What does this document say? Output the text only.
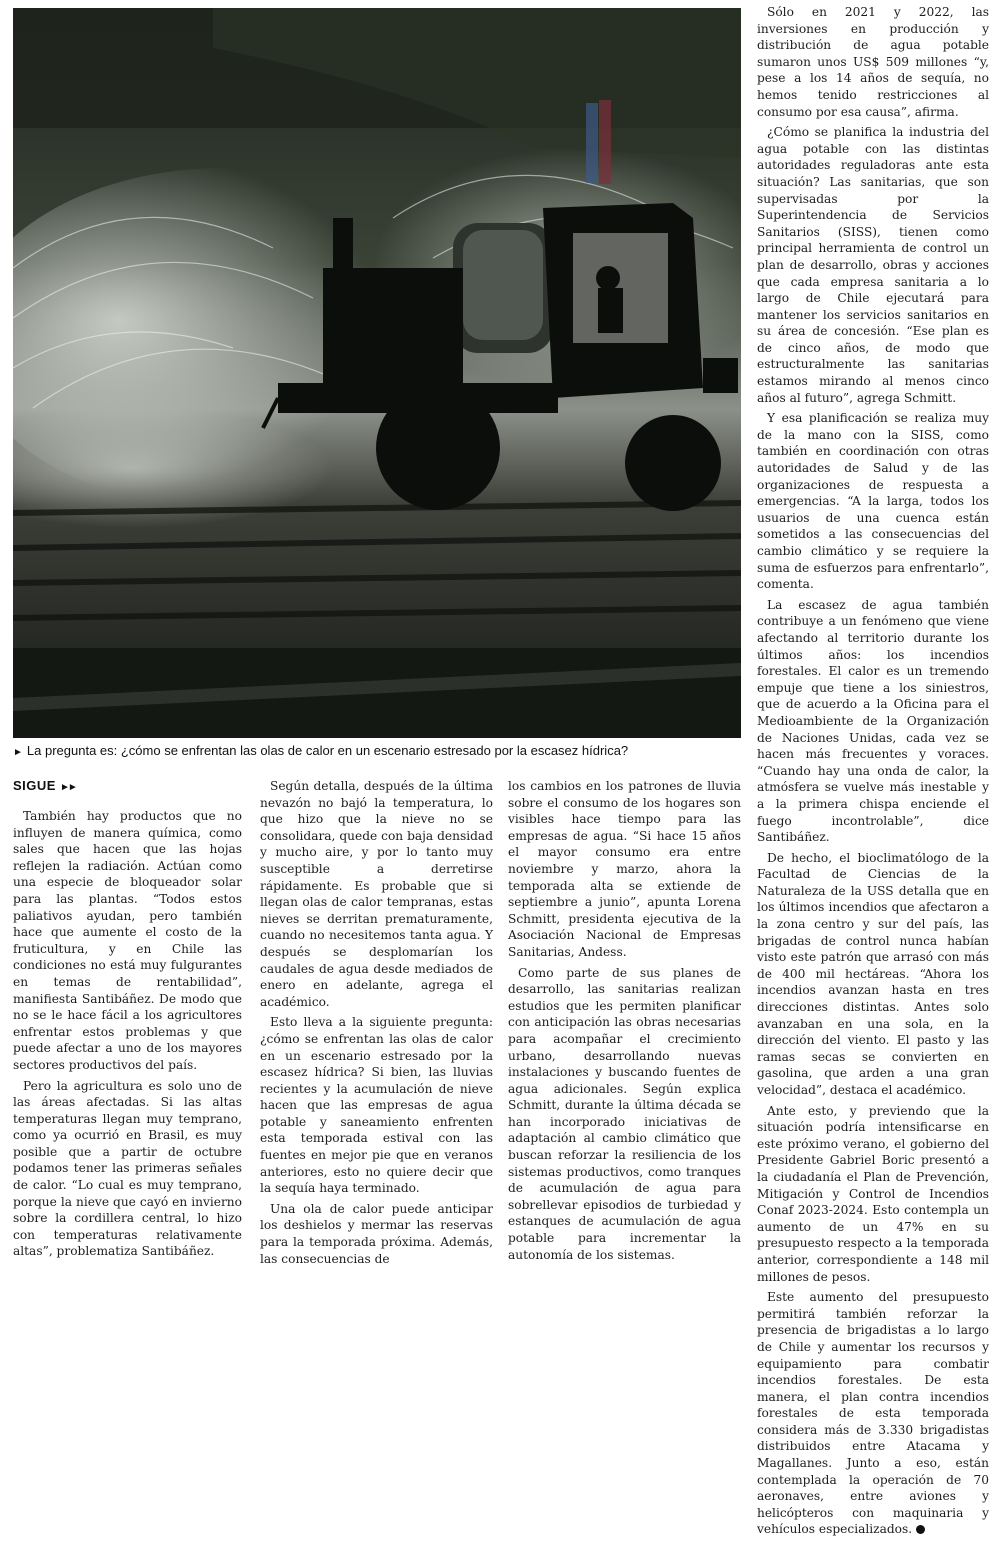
► La pregunta es: ¿cómo se enfrentan las olas de calor en un escenario estresado por la escasez hídrica?
SIGUE ►►

También hay productos que no influyen de manera química, como sales que hacen que las hojas reflejen la radiación. Actúan como una especie de bloqueador solar para las plantas. “Todos estos paliativos ayudan, pero también hace que aumente el costo de la fruticultura, y en Chile las condiciones no está muy fulgurantes en temas de rentabilidad”, manifiesta Santibáñez. De modo que no se le hace fácil a los agricultores enfrentar estos problemas y que puede afectar a uno de los mayores sectores productivos del país.

Pero la agricultura es solo uno de las áreas afectadas. Si las altas temperaturas llegan muy temprano, como ya ocurrió en Brasil, es muy posible que a partir de octubre podamos tener las primeras señales de calor. “Lo cual es muy temprano, porque la nieve que cayó en invierno sobre la cordillera central, lo hizo con temperaturas relativamente altas”, problematiza Santibáñez.

Según detalla, después de la última nevazón no bajó la temperatura, lo que hizo que la nieve no se consolidara, quede con baja densidad y mucho aire, y por lo tanto muy susceptible a derretirse rápidamente. Es probable que si llegan olas de calor tempranas, estas nieves se derritan prematuramente, cuando no necesitemos tanta agua. Y después se desplomarían los caudales de agua desde mediados de enero en adelante, agrega el académico.

Esto lleva a la siguiente pregunta: ¿cómo se enfrentan las olas de calor en un escenario estresado por la escasez hídrica? Si bien, las lluvias recientes y la acumulación de nieve hacen que las empresas de agua potable y saneamiento enfrenten esta temporada estival con las fuentes en mejor pie que en veranos anteriores, esto no quiere decir que la sequía haya terminado.

Una ola de calor puede anticipar los deshielos y mermar las reservas para la temporada próxima. Además, las consecuencias de

los cambios en los patrones de lluvia sobre el consumo de los hogares son visibles hace tiempo para las empresas de agua. “Si hace 15 años el mayor consumo era entre noviembre y marzo, ahora la temporada alta se extiende de septiembre a junio”, apunta Lorena Schmitt, presidenta ejecutiva de la Asociación Nacional de Empresas Sanitarias, Andess.

Como parte de sus planes de desarrollo, las sanitarias realizan estudios que les permiten planificar con anticipación las obras necesarias para acompañar el crecimiento urbano, desarrollando nuevas instalaciones y buscando fuentes de agua adicionales. Según explica Schmitt, durante la última década se han incorporado iniciativas de adaptación al cambio climático que buscan reforzar la resiliencia de los sistemas productivos, como tranques de acumulación de agua para sobrellevar episodios de turbiedad y estanques de acumulación de agua potable para incrementar la autonomía de los sistemas.

Sólo en 2021 y 2022, las inversiones en producción y distribución de agua potable sumaron unos US$ 509 millones “y, pese a los 14 años de sequía, no hemos tenido restricciones al consumo por esa causa”, afirma.

¿Cómo se planifica la industria del agua potable con las distintas autoridades reguladoras ante esta situación? Las sanitarias, que son supervisadas por la Superintendencia de Servicios Sanitarios (SISS), tienen como principal herramienta de control un plan de desarrollo, obras y acciones que cada empresa sanitaria a lo largo de Chile ejecutará para mantener los servicios sanitarios en su área de concesión. “Ese plan es de cinco años, de modo que estructuralmente las sanitarias estamos mirando al menos cinco años al futuro”, agrega Schmitt.

Y esa planificación se realiza muy de la mano con la SISS, como también en coordinación con otras autoridades de Salud y de las organizaciones de respuesta a emergencias. “A la larga, todos los usuarios de una cuenca están sometidos a las consecuencias del cambio climático y se requiere la suma de esfuerzos para enfrentarlo”, comenta.

La escasez de agua también contribuye a un fenómeno que viene afectando al territorio durante los últimos años: los incendios forestales. El calor es un tremendo empuje que tiene a los siniestros, que de acuerdo a la Oficina para el Medioambiente de la Organización de Naciones Unidas, cada vez se hacen más frecuentes y voraces. “Cuando hay una onda de calor, la atmósfera se vuelve más inestable y a la primera chispa enciende el fuego incontrolable”, dice Santibáñez.

De hecho, el bioclimatólogo de la Facultad de Ciencias de la Naturaleza de la USS detalla que en los últimos incendios que afectaron a la zona centro y sur del país, las brigadas de control nunca habían visto este patrón que arrasó con más de 400 mil hectáreas. “Ahora los incendios avanzan hasta en tres direcciones distintas. Antes solo avanzaban en una sola, en la dirección del viento. El pasto y las ramas secas se convierten en gasolina, que arden a una gran velocidad”, destaca el académico.

Ante esto, y previendo que la situación podría intensificarse en este próximo verano, el gobierno del Presidente Gabriel Boric presentó a la ciudadanía el Plan de Prevención, Mitigación y Control de Incendios Conaf 2023-2024. Esto contempla un aumento de un 47% en su presupuesto respecto a la temporada anterior, correspondiente a 148 mil millones de pesos.

Este aumento del presupuesto permitirá también reforzar la presencia de brigadistas a lo largo de Chile y aumentar los recursos y equipamiento para combatir incendios forestales. De esta manera, el plan contra incendios forestales de esta temporada considera más de 3.330 brigadistas distribuidos entre Atacama y Magallanes. Junto a eso, están contemplada la operación de 70 aeronaves, entre aviones y helicópteros con maquinaria y vehículos especializados.
